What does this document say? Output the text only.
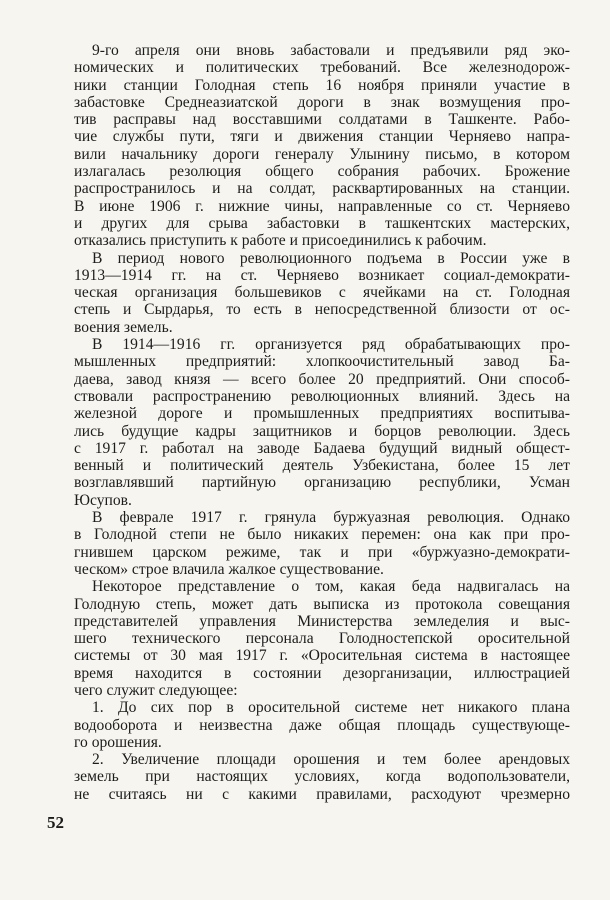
9-го апреля они вновь забастовали и предъявили ряд эко-
номических и политических требований. Все железнодорож-
ники станции Голодная степь 16 ноября приняли участие в
забастовке Среднеазиатской дороги в знак возмущения про-
тив расправы над восставшими солдатами в Ташкенте. Рабо-
чие службы пути, тяги и движения станции Черняево напра-
вили начальнику дороги генералу Улынину письмо, в котором
излагалась резолюция общего собрания рабочих. Брожение
распространилось и на солдат, расквартированных на станции.
В июне 1906 г. нижние чины, направленные со ст. Черняево
и других для срыва забастовки в ташкентских мастерских,
отказались приступить к работе и присоединились к рабочим.
В период нового революционного подъема в России уже в
1913—1914 гг. на ст. Черняево возникает социал-демократи-
ческая организация большевиков с ячейками на ст. Голодная
степь и Сырдарья, то есть в непосредственной близости от ос-
воения земель.
В 1914—1916 гг. организуется ряд обрабатывающих про-
мышленных предприятий: хлопкоочистительный завод Ба-
даева, завод князя — всего более 20 предприятий. Они способ-
ствовали распространению революционных влияний. Здесь на
железной дороге и промышленных предприятиях воспитыва-
лись будущие кадры защитников и борцов революции. Здесь
с 1917 г. работал на заводе Бадаева будущий видный общест-
венный и политический деятель Узбекистана, более 15 лет
возглавлявший партийную организацию республики, Усман
Юсупов.
В феврале 1917 г. грянула буржуазная революция. Однако
в Голодной степи не было никаких перемен: она как при про-
гнившем царском режиме, так и при «буржуазно-демократи-
ческом» строе влачила жалкое существование.
Некоторое представление о том, какая беда надвигалась на
Голодную степь, может дать выписка из протокола совещания
представителей управления Министерства земледелия и выс-
шего технического персонала Голодностепской оросительной
системы от 30 мая 1917 г. «Оросительная система в настоящее
время находится в состоянии дезорганизации, иллюстрацией
чего служит следующее:
1. До сих пор в оросительной системе нет никакого плана
водооборота и неизвестна даже общая площадь существующе-
го орошения.
2. Увеличение площади орошения и тем более арендовых
земель при настоящих условиях, когда водопользователи,
не считаясь ни с какими правилами, расходуют чрезмерно
52
